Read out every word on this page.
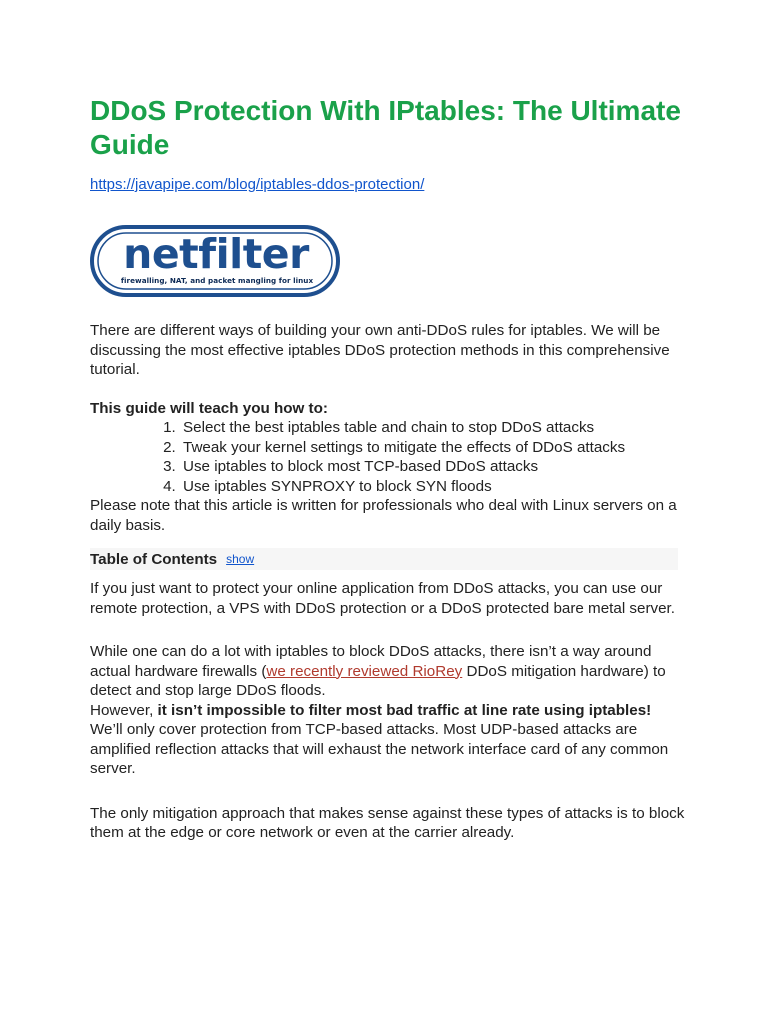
DDoS Protection With IPtables: The Ultimate Guide
https://javapipe.com/blog/iptables-ddos-protection/
netfilter
firewalling, NAT, and packet mangling for linux

There are different ways of building your own anti-DDoS rules for iptables. We will be discussing the most effective iptables DDoS protection methods in this comprehensive tutorial.

This guide will teach you how to:

1. Select the best iptables table and chain to stop DDoS attacks
2. Tweak your kernel settings to mitigate the effects of DDoS attacks
3. Use iptables to block most TCP-based DDoS attacks
4. Use iptables SYNPROXY to block SYN floods

Please note that this article is written for professionals who deal with Linux servers on a daily basis.

Table of Contents show

If you just want to protect your online application from DDoS attacks, you can use our remote protection, a VPS with DDoS protection or a DDoS protected bare metal server.

While one can do a lot with iptables to block DDoS attacks, there isn’t a way around actual hardware firewalls (we recently reviewed RioRey DDoS mitigation hardware) to detect and stop large DDoS floods.

However, it isn’t impossible to filter most bad traffic at line rate using iptables!

We’ll only cover protection from TCP-based attacks. Most UDP-based attacks are amplified reflection attacks that will exhaust the network interface card of any common server.

The only mitigation approach that makes sense against these types of attacks is to block them at the edge or core network or even at the carrier already.
